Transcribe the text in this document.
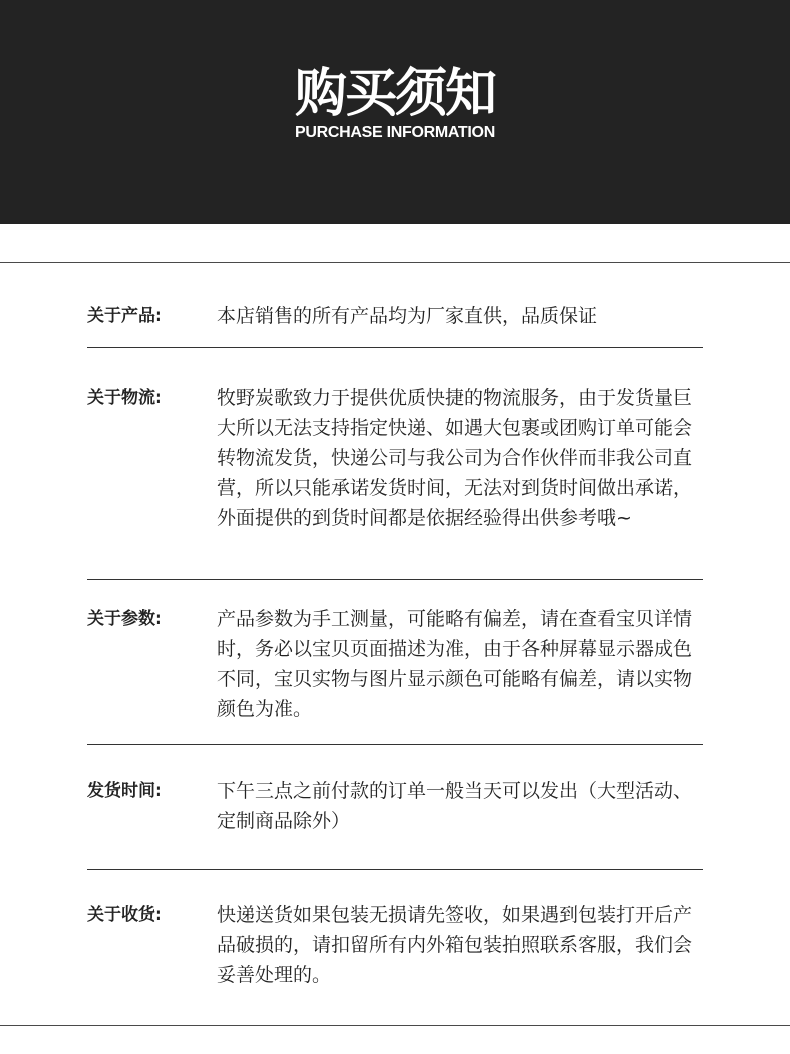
购买须知
PURCHASE INFORMATION
关于产品:	本店销售的所有产品均为厂家直供，品质保证
关于物流:	牧野炭歌致力于提供优质快捷的物流服务，由于发货量巨大所以无法支持指定快递、如遇大包裹或团购订单可能会转物流发货，快递公司与我公司为合作伙伴而非我公司直营，所以只能承诺发货时间，无法对到货时间做出承诺，外面提供的到货时间都是依据经验得出供参考哦~
关于参数:	产品参数为手工测量，可能略有偏差，请在查看宝贝详情时，务必以宝贝页面描述为准，由于各种屏幕显示器成色不同，宝贝实物与图片显示颜色可能略有偏差，请以实物颜色为准。
发货时间:	下午三点之前付款的订单一般当天可以发出（大型活动、定制商品除外）
关于收货:	快递送货如果包装无损请先签收，如果遇到包装打开后产品破损的，请扣留所有内外箱包装拍照联系客服，我们会妥善处理的。
